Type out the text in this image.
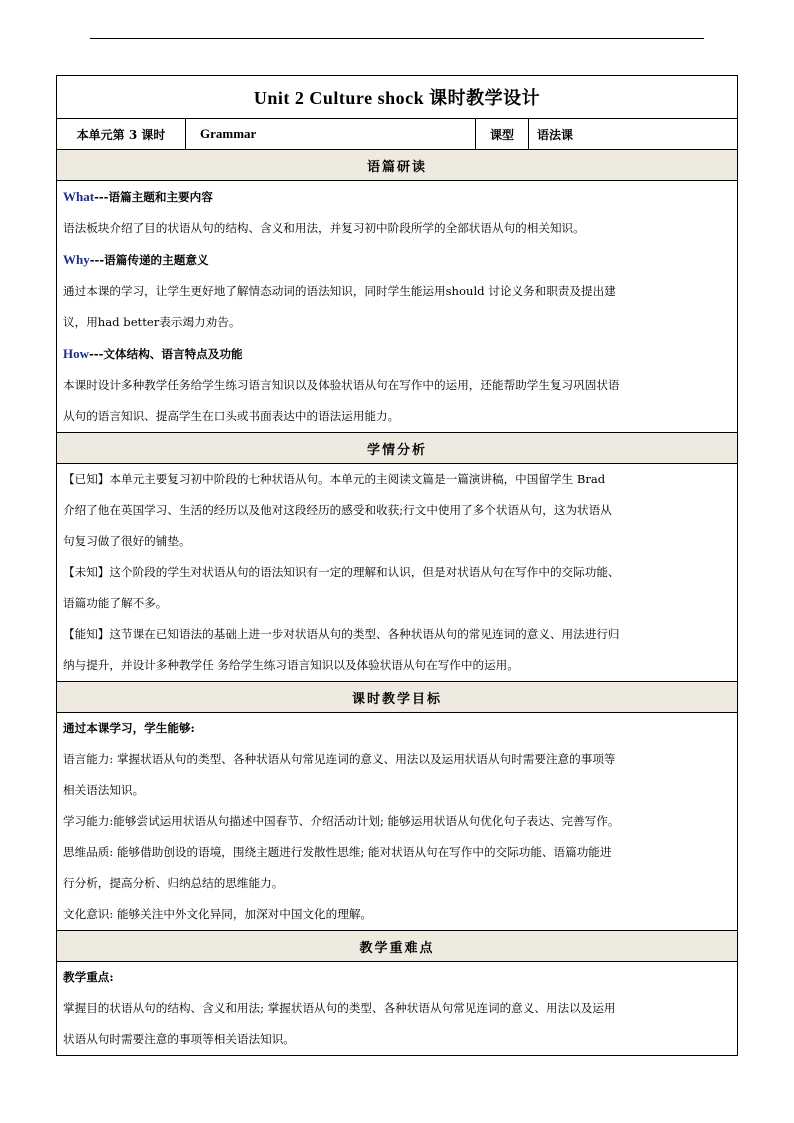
Unit 2 Culture shock 课时教学设计
本单元第 3 课时	Grammar	课型	语法课
语篇研读

What---语篇主题和主要内容
语法板块介绍了目的状语从句的结构、含义和用法，并复习初中阶段所学的全部状语从句的相关知识。
Why---语篇传递的主题意义
通过本课的学习，让学生更好地了解情态动词的语法知识，同时学生能运用should 讨论义务和职责及提出建
议，用had better表示竭力劝告。
How---文体结构、语言特点及功能
本课时设计多种教学任务给学生练习语言知识以及体验状语从句在写作中的运用，还能帮助学生复习巩固状语
从句的语言知识、提高学生在口头或书面表达中的语法运用能力。

学情分析

【已知】本单元主要复习初中阶段的七种状语从句。本单元的主阅读文篇是一篇演讲稿，中国留学生 Brad
介绍了他在英国学习、生活的经历以及他对这段经历的感受和收获;行文中使用了多个状语从句，这为状语从
句复习做了很好的铺垫。
【未知】这个阶段的学生对状语从句的语法知识有一定的理解和认识，但是对状语从句在写作中的交际功能、
语篇功能了解不多。
【能知】这节课在已知语法的基础上进一步对状语从句的类型、各种状语从句的常见连词的意义、用法进行归
纳与提升，并设计多种教学任 务给学生练习语言知识以及体验状语从句在写作中的运用。

课时教学目标

通过本课学习，学生能够:
语言能力: 掌握状语从句的类型、各种状语从句常见连词的意义、用法以及运用状语从句时需要注意的事项等
相关语法知识。
学习能力:能够尝试运用状语从句描述中国春节、介绍活动计划; 能够运用状语从句优化句子表达、完善写作。
思维品质: 能够借助创设的语境，围绕主题进行发散性思维; 能对状语从句在写作中的交际功能、语篇功能进
行分析，提高分析、归纳总结的思维能力。
文化意识: 能够关注中外文化异同，加深对中国文化的理解。

教学重难点

教学重点:
掌握目的状语从句的结构、含义和用法; 掌握状语从句的类型、各种状语从句常见连词的意义、用法以及运用
状语从句时需要注意的事项等相关语法知识。
